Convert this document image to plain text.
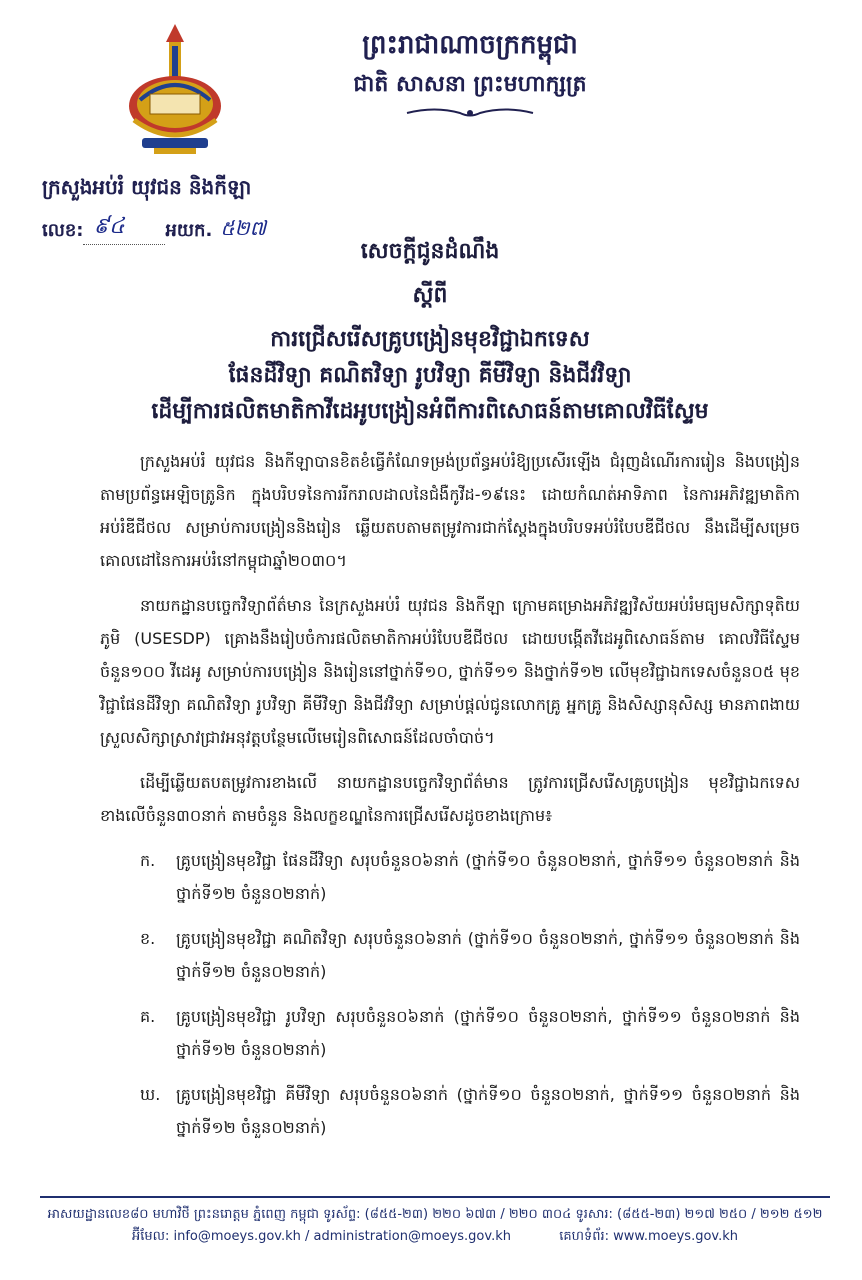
ព្រះរាជាណាចក្រកម្ពុជា
ជាតិ សាសនា ព្រះមហាក្សត្រ
ក្រសួងអប់រំ យុវជន និងកីឡា
លេខ: ៩៤	អយក. ៥២៧
សេចក្តីជូនដំណឹង
ស្តីពី
ការជ្រើសរើសគ្រូបង្រៀនមុខវិជ្ជាឯកទេស
ផែនដីវិទ្យា គណិតវិទ្យា រូបវិទ្យា គីមីវិទ្យា និងជីវវិទ្យា
ដើម្បីការផលិតមាតិកាវីដេអូបង្រៀនអំពីការពិសោធន៍តាមគោលវិធីស្ទែម

ក្រសួងអប់រំ យុវជន និងកីឡាបានខិតខំធ្វើកំណែទម្រង់ប្រព័ន្ធអប់រំឱ្យប្រសើរឡើង ជំរុញដំណើរការរៀន និងបង្រៀនតាមប្រព័ន្ធអេឡិចត្រូនិក ក្នុងបរិបទនៃការរីករាលដាលនៃជំងឺកូវីដ-១៩នេះ ដោយកំណត់អាទិភាព នៃការអភិវឌ្ឍមាតិកាអប់រំឌីជីថល សម្រាប់ការបង្រៀននិងរៀន ឆ្លើយតបតាមតម្រូវការជាក់ស្តែងក្នុងបរិបទអប់រំបែបឌីជីថល នឹងដើម្បីសម្រេចគោលដៅនៃការអប់រំនៅកម្ពុជាឆ្នាំ២០៣០។

នាយកដ្ឋានបច្ចេកវិទ្យាព័ត៌មាន នៃក្រសួងអប់រំ យុវជន និងកីឡា ក្រោមគម្រោងអភិវឌ្ឍវិស័យអប់រំមធ្យមសិក្សាទុតិយភូមិ (USESDP) គ្រោងនឹងរៀបចំការផលិតមាតិកាអប់រំបែបឌីជីថល ដោយបង្កើតវីដេអូពិសោធន៍តាម គោលវិធីស្ទែម ចំនួន១០០ វីដេអូ សម្រាប់ការបង្រៀន និងរៀននៅថ្នាក់ទី១០, ថ្នាក់ទី១១ និងថ្នាក់ទី១២ លើមុខវិជ្ជាឯកទេសចំនួន០៥ មុខវិជ្ជាផែនដីវិទ្យា គណិតវិទ្យា រូបវិទ្យា គីមីវិទ្យា និងជីវវិទ្យា សម្រាប់ផ្តល់ជូនលោកគ្រូ អ្នកគ្រូ និងសិស្សានុសិស្ស មានភាពងាយស្រួលសិក្សាស្រាវជ្រាវអនុវត្តបន្ថែមលើមេរៀនពិសោធន៍ដែលចាំបាច់។

ដើម្បីឆ្លើយតបតម្រូវការខាងលើ នាយកដ្ឋានបច្ចេកវិទ្យាព័ត៌មាន ត្រូវការជ្រើសរើសគ្រូបង្រៀន មុខវិជ្ជាឯកទេសខាងលើចំនួន៣០នាក់ តាមចំនួន និងលក្ខខណ្ឌនៃការជ្រើសរើសដូចខាងក្រោម៖

ក.	គ្រូបង្រៀនមុខវិជ្ជា ផែនដីវិទ្យា សរុបចំនួន០៦នាក់ (ថ្នាក់ទី១០ ចំនួន០២នាក់, ថ្នាក់ទី១១ ចំនួន០២នាក់ និងថ្នាក់ទី១២ ចំនួន០២នាក់)
ខ.	គ្រូបង្រៀនមុខវិជ្ជា គណិតវិទ្យា សរុបចំនួន០៦នាក់ (ថ្នាក់ទី១០ ចំនួន០២នាក់, ថ្នាក់ទី១១ ចំនួន០២នាក់ និងថ្នាក់ទី១២ ចំនួន០២នាក់)
គ.	គ្រូបង្រៀនមុខវិជ្ជា រូបវិទ្យា សរុបចំនួន០៦នាក់ (ថ្នាក់ទី១០ ចំនួន០២នាក់, ថ្នាក់ទី១១ ចំនួន០២នាក់ និងថ្នាក់ទី១២ ចំនួន០២នាក់)
ឃ. គ្រូបង្រៀនមុខវិជ្ជា គីមីវិទ្យា សរុបចំនួន០៦នាក់ (ថ្នាក់ទី១០ ចំនួន០២នាក់, ថ្នាក់ទី១១ ចំនួន០២នាក់ និងថ្នាក់ទី១២ ចំនួន០២នាក់)
អាសយដ្ឋានលេខ៨០ មហាវិថី ព្រះនរោត្តម ភ្នំពេញ កម្ពុជា ទូរស័ព្ទ: (៨៥៥-២៣) ២២០ ៦៧៣ / ២២០ ៣០៤ ទូរសារ: (៨៥៥-២៣) ២១៧ ២៥០ / ២១២ ៥១២
អ៊ីមែល: info@moeys.gov.kh / administration@moeys.gov.kh	គេហទំព័រ: www.moeys.gov.kh
